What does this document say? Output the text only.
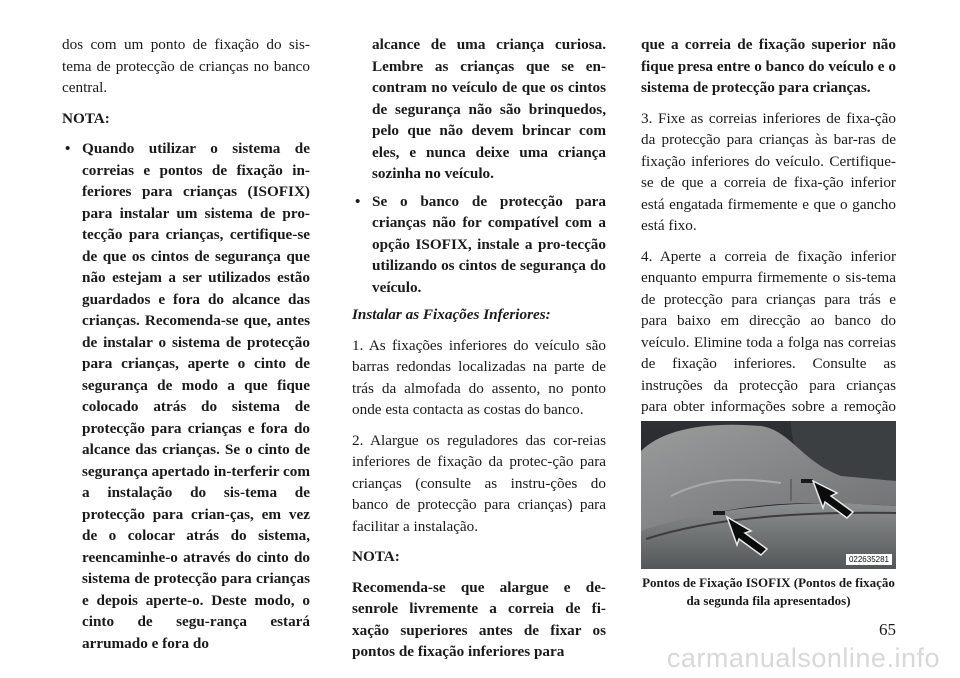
dos com um ponto de fixação do sis-tema de protecção de crianças no banco central.

NOTA:

• Quando utilizar o sistema de correias e pontos de fixação in-feriores para crianças (ISOFIX) para instalar um sistema de pro-tecção para crianças, certifique-se de que os cintos de segurança que não estejam a ser utilizados estão guardados e fora do alcance das crianças. Recomenda-se que, antes de instalar o sistema de protecção para crianças, aperte o cinto de segurança de modo a que fique colocado atrás do sistema de protecção para crianças e fora do alcance das crianças. Se o cinto de segurança apertado in-terferir com a instalação do sis-tema de protecção para crian-ças, em vez de o colocar atrás do sistema, reencaminhe-o através do cinto do sistema de protecção para crianças e depois aperte-o. Deste modo, o cinto de segu-rança estará arrumado e fora do
alcance de uma criança curiosa. Lembre as crianças que se en-contram no veículo de que os cintos de segurança não são brinquedos, pelo que não devem brincar com eles, e nunca deixe uma criança sozinha no veículo.
• Se o banco de protecção para crianças não for compatível com a opção ISOFIX, instale a pro-tecção utilizando os cintos de segurança do veículo.

Instalar as Fixações Inferiores:

1. As fixações inferiores do veículo são barras redondas localizadas na parte de trás da almofada do assento, no ponto onde esta contacta as costas do banco.

2. Alargue os reguladores das cor-reias inferiores de fixação da protec-ção para crianças (consulte as instru-ções do banco de protecção para crianças) para facilitar a instalação.

NOTA:

Recomenda-se que alargue e de-senrole livremente a correia de fi-xação superiores antes de fixar os pontos de fixação inferiores para

que a correia de fixação superior não fique presa entre o banco do veículo e o sistema de protecção para crianças.

3. Fixe as correias inferiores de fixa-ção da protecção para crianças às bar-ras de fixação inferiores do veículo. Certifique-se de que a correia de fixa-ção inferior está engatada firmemente e que o gancho está fixo.

4. Aperte a correia de fixação inferior enquanto empurra firmemente o sis-tema de protecção para crianças para trás e para baixo em direcção ao banco do veículo. Elimine toda a folga nas correias de fixação inferiores. Consulte as instruções da protecção para crianças para obter informações sobre a remoção

022635281
Pontos de Fixação ISOFIX (Pontos de fixação da segunda fila apresentados)
65
carmanualsonline.info
